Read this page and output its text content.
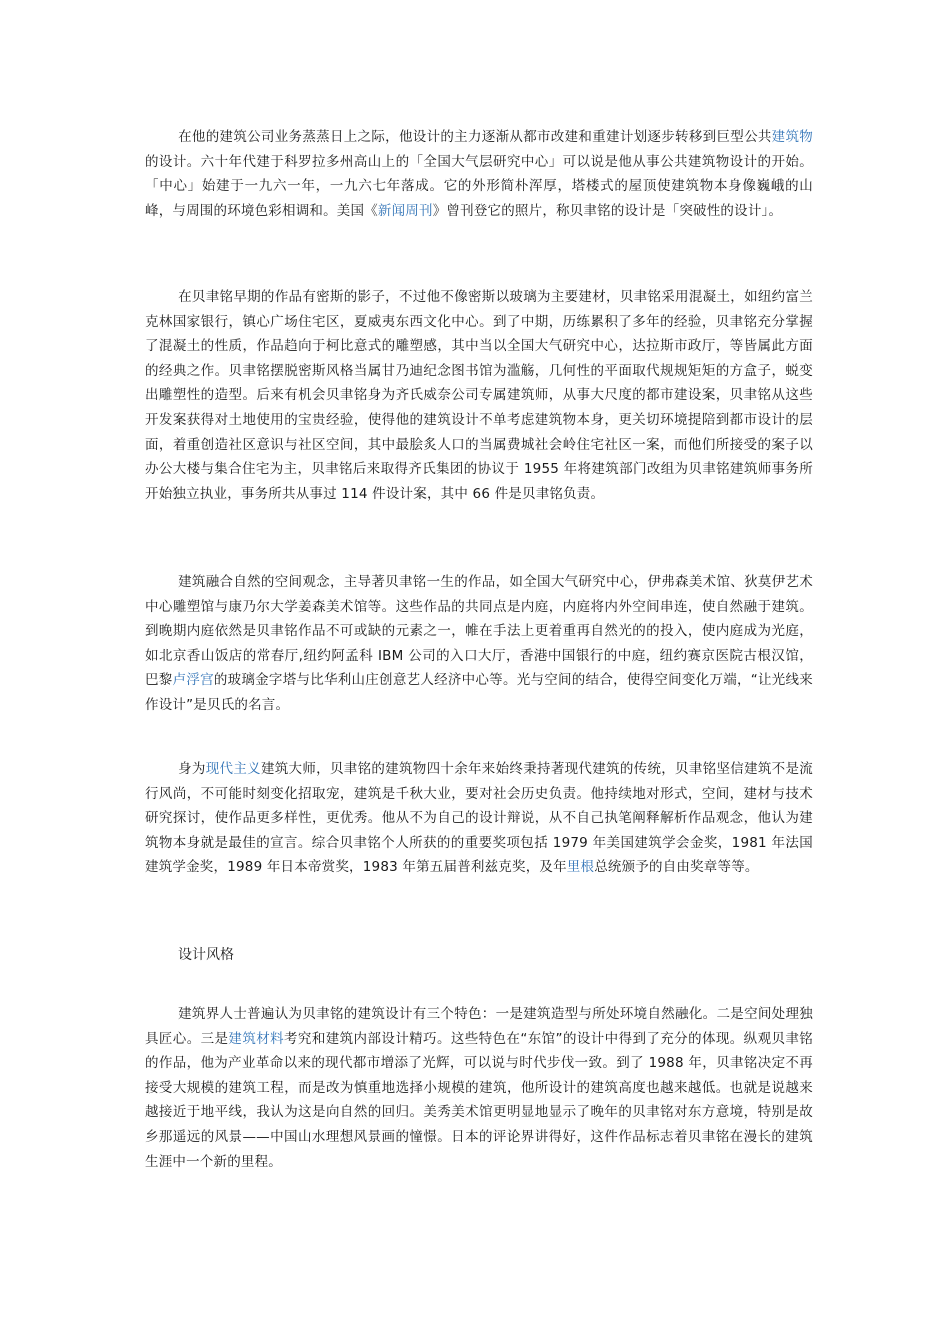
在他的建筑公司业务蒸蒸日上之际，他设计的主力逐渐从都市改建和重建计划逐步转移到巨型公共建筑物的设计。六十年代建于科罗拉多州高山上的「全国大气层研究中心」可以说是他从事公共建筑物设计的开始。「中心」始建于一九六一年，一九六七年落成。它的外形简朴浑厚，塔楼式的屋顶使建筑物本身像巍峨的山峰，与周围的环境色彩相调和。美国《新闻周刊》曾刊登它的照片，称贝聿铭的设计是「突破性的设计」。

在贝聿铭早期的作品有密斯的影子，不过他不像密斯以玻璃为主要建材，贝聿铭采用混凝土，如纽约富兰克林国家银行，镇心广场住宅区，夏威夷东西文化中心。到了中期，历练累积了多年的经验，贝聿铭充分掌握了混凝土的性质，作品趋向于柯比意式的雕塑感，其中当以全国大气研究中心，达拉斯市政厅，等皆属此方面的经典之作。贝聿铭摆脱密斯风格当属甘乃迪纪念图书馆为滥觞，几何性的平面取代规规矩矩的方盒子，蜕变出雕塑性的造型。后来有机会贝聿铭身为齐氏威奈公司专属建筑师，从事大尺度的都市建设案，贝聿铭从这些开发案获得对土地使用的宝贵经验，使得他的建筑设计不单考虑建筑物本身，更关切环境提陪到都市设计的层面，着重创造社区意识与社区空间，其中最脍炙人口的当属费城社会岭住宅社区一案，而他们所接受的案子以办公大楼与集合住宅为主，贝聿铭后来取得齐氏集团的协议于 1955 年将建筑部门改组为贝聿铭建筑师事务所开始独立执业，事务所共从事过 114 件设计案，其中 66 件是贝聿铭负责。

建筑融合自然的空间观念，主导著贝聿铭一生的作品，如全国大气研究中心，伊弗森美术馆、狄莫伊艺术中心雕塑馆与康乃尔大学姜森美术馆等。这些作品的共同点是内庭，内庭将内外空间串连，使自然融于建筑。到晚期内庭依然是贝聿铭作品不可或缺的元素之一，帷在手法上更着重再自然光的的投入，使内庭成为光庭，如北京香山饭店的常春厅,纽约阿孟科 IBM 公司的入口大厅，香港中国银行的中庭，纽约赛京医院古根汉馆，巴黎卢浮宫的玻璃金字塔与比华利山庄创意艺人经济中心等。光与空间的结合，使得空间变化万端，“让光线来作设计”是贝氏的名言。

身为现代主义建筑大师，贝聿铭的建筑物四十余年来始终秉持著现代建筑的传统，贝聿铭坚信建筑不是流行风尚，不可能时刻变化招取宠，建筑是千秋大业，要对社会历史负责。他持续地对形式，空间，建材与技术研究探讨，使作品更多样性，更优秀。他从不为自己的设计辩说，从不自己执笔阐释解析作品观念，他认为建筑物本身就是最佳的宣言。综合贝聿铭个人所获的的重要奖项包括 1979 年美国建筑学会金奖，1981 年法国建筑学金奖，1989 年日本帝赏奖，1983 年第五届普利兹克奖，及年里根总统颁予的自由奖章等等。

设计风格

建筑界人士普遍认为贝聿铭的建筑设计有三个特色：一是建筑造型与所处环境自然融化。二是空间处理独具匠心。三是建筑材料考究和建筑内部设计精巧。这些特色在“东馆”的设计中得到了充分的体现。纵观贝聿铭的作品，他为产业革命以来的现代都市增添了光辉，可以说与时代步伐一致。到了 1988 年，贝聿铭决定不再接受大规模的建筑工程，而是改为慎重地选择小规模的建筑，他所设计的建筑高度也越来越低。也就是说越来越接近于地平线，我认为这是向自然的回归。美秀美术馆更明显地显示了晚年的贝聿铭对东方意境，特别是故乡那遥远的风景——中国山水理想风景画的憧憬。日本的评论界讲得好，这件作品标志着贝聿铭在漫长的建筑生涯中一个新的里程。
